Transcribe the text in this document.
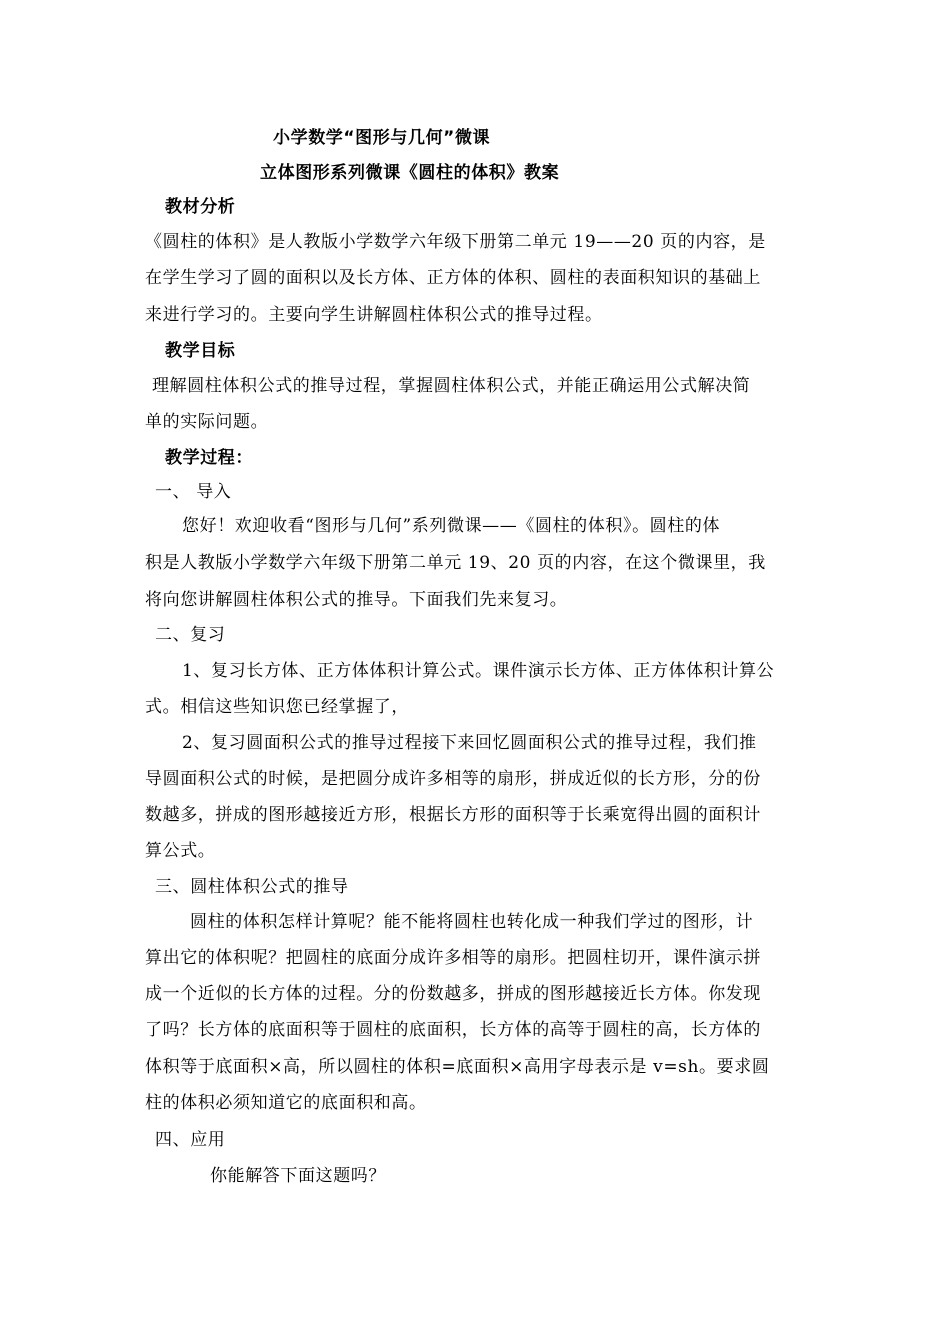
小学数学“图形与几何”微课
立体图形系列微课《圆柱的体积》教案
教材分析
《圆柱的体积》是人教版小学数学六年级下册第二单元 19——20 页的内容，是
在学生学习了圆的面积以及长方体、正方体的体积、圆柱的表面积知识的基础上
来进行学习的。主要向学生讲解圆柱体积公式的推导过程。
教学目标
理解圆柱体积公式的推导过程，掌握圆柱体积公式，并能正确运用公式解决简
单的实际问题。
教学过程：
一、 导入
您好！欢迎收看“图形与几何”系列微课——《圆柱的体积》。圆柱的体
积是人教版小学数学六年级下册第二单元 19、20 页的内容，在这个微课里，我
将向您讲解圆柱体积公式的推导。下面我们先来复习。
二、复习
1、复习长方体、正方体体积计算公式。课件演示长方体、正方体体积计算公
式。相信这些知识您已经掌握了，
2、复习圆面积公式的推导过程接下来回忆圆面积公式的推导过程，我们推
导圆面积公式的时候，是把圆分成许多相等的扇形，拼成近似的长方形，分的份
数越多，拼成的图形越接近方形，根据长方形的面积等于长乘宽得出圆的面积计
算公式。
三、圆柱体积公式的推导
圆柱的体积怎样计算呢？能不能将圆柱也转化成一种我们学过的图形，计
算出它的体积呢？把圆柱的底面分成许多相等的扇形。把圆柱切开，课件演示拼
成一个近似的长方体的过程。分的份数越多，拼成的图形越接近长方体。你发现
了吗？长方体的底面积等于圆柱的底面积，长方体的高等于圆柱的高，长方体的
体积等于底面积×高，所以圆柱的体积=底面积×高用字母表示是 v=sh。要求圆
柱的体积必须知道它的底面积和高。
四、应用
你能解答下面这题吗？
